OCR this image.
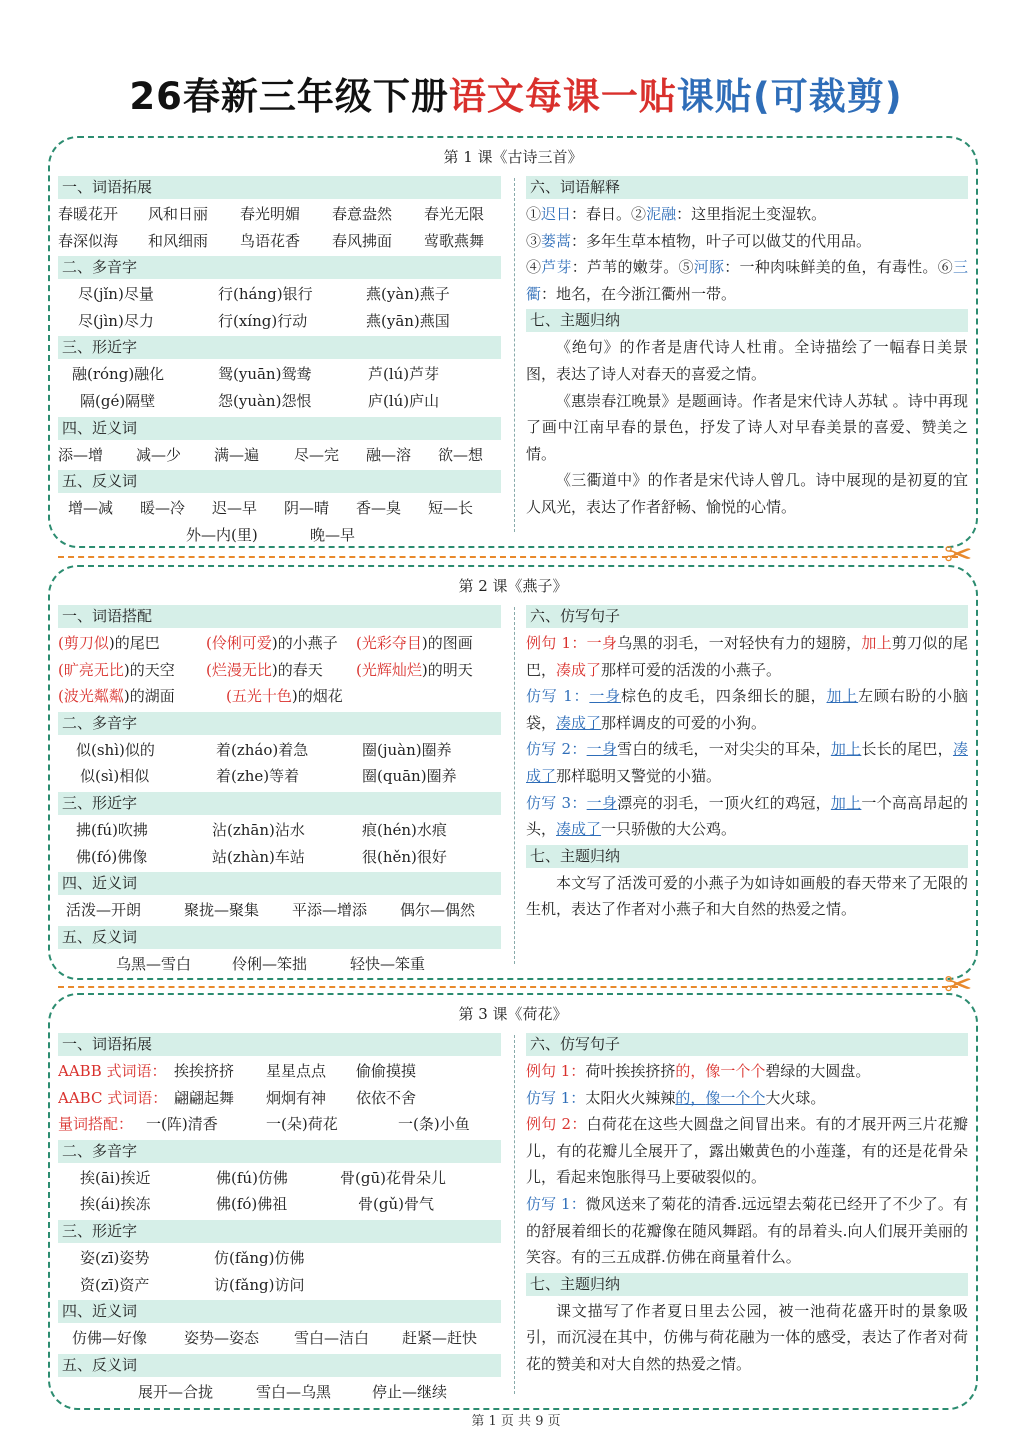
26春新三年级下册语文每课一贴课贴(可裁剪)
第 1 课《古诗三首》
一、词语拓展
春暖花开	风和日丽	春光明媚	春意盎然	春光无限
春深似海	和风细雨	鸟语花香	春风拂面	莺歌燕舞
二、多音字
尽(jǐn)尽量	行(háng)银行	燕(yàn)燕子
尽(jìn)尽力	行(xíng)行动	燕(yān)燕国
三、形近字
融(róng)融化	鸳(yuān)鸳鸯	芦(lú)芦芽
隔(gé)隔壁	怨(yuàn)怨恨	庐(lú)庐山
四、近义词
添—增	减—少	满—遍	尽—完	融—溶	欲—想
五、反义词
增—减	暖—冷	迟—早	阴—晴	香—臭	短—长
外—内(里)	晚—早
六、词语解释
①迟日：春日。②泥融：这里指泥土变湿软。
③蒌蒿：多年生草本植物，叶子可以做艾的代用品。
④芦芽：芦苇的嫩芽。⑤河豚：一种肉味鲜美的鱼，有毒性。⑥三衢：地名，在今浙江衢州一带。
七、主题归纳
《绝句》的作者是唐代诗人杜甫。全诗描绘了一幅春日美景图，表达了诗人对春天的喜爱之情。
《惠崇春江晚景》是题画诗。作者是宋代诗人苏轼 。诗中再现了画中江南早春的景色，抒发了诗人对早春美景的喜爱、赞美之情。
《三衢道中》的作者是宋代诗人曾几。诗中展现的是初夏的宜人风光，表达了作者舒畅、愉悦的心情。
✂
第 2 课《燕子》
一、词语搭配
(剪刀似)的尾巴	(伶俐可爱)的小燕子	(光彩夺目)的图画
(旷亮无比)的天空	(烂漫无比)的春天	(光辉灿烂)的明天
(波光粼粼)的湖面	(五光十色)的烟花
二、多音字
似(shì)似的	着(zháo)着急	圈(juàn)圈养
似(sì)相似	着(zhe)等着	圈(quān)圈养
三、形近字
拂(fú)吹拂	沾(zhān)沾水	痕(hén)水痕
佛(fó)佛像	站(zhàn)车站	很(hěn)很好
四、近义词
活泼—开朗	聚拢—聚集	平添—增添	偶尔—偶然
五、反义词
乌黑—雪白	伶俐—笨拙	轻快—笨重
六、仿写句子
例句 1：一身乌黑的羽毛，一对轻快有力的翅膀，加上剪刀似的尾巴，凑成了那样可爱的活泼的小燕子。
仿写 1：一身棕色的皮毛，四条细长的腿，加上左顾右盼的小脑袋，凑成了那样调皮的可爱的小狗。
仿写 2：一身雪白的绒毛，一对尖尖的耳朵，加上长长的尾巴，凑成了那样聪明又警觉的小猫。
仿写 3：一身漂亮的羽毛，一顶火红的鸡冠，加上一个高高昂起的头，凑成了一只骄傲的大公鸡。
七、主题归纳
本文写了活泼可爱的小燕子为如诗如画般的春天带来了无限的生机，表达了作者对小燕子和大自然的热爱之情。
✂
第 3 课《荷花》
一、词语拓展
AABB 式词语： 挨挨挤挤	星星点点	偷偷摸摸
AABC 式词语： 翩翩起舞	炯炯有神	依依不舍
量词搭配： 一(阵)清香	一(朵)荷花	一(条)小鱼
二、多音字
挨(āi)挨近	佛(fú)仿佛	骨(gū)花骨朵儿
挨(ái)挨冻	佛(fó)佛祖	骨(gǔ)骨气
三、形近字
姿(zī)姿势	仿(fǎng)仿佛
资(zī)资产	访(fǎng)访问
四、近义词
仿佛—好像	姿势—姿态	雪白—洁白	赶紧—赶快
五、反义词
展开—合拢	雪白—乌黑	停止—继续
六、仿写句子
例句 1：荷叶挨挨挤挤的，像一个个碧绿的大圆盘。
仿写 1：太阳火火辣辣的，像一个个大火球。
例句 2：白荷花在这些大圆盘之间冒出来。有的才展开两三片花瓣儿，有的花瓣儿全展开了，露出嫩黄色的小莲蓬，有的还是花骨朵儿，看起来饱胀得马上要破裂似的。
仿写 1：微风送来了菊花的清香.远远望去菊花已经开了不少了。有的舒展着细长的花瓣像在随风舞蹈。有的昂着头.向人们展开美丽的笑容。有的三五成群.仿佛在商量着什么。
七、主题归纳
课文描写了作者夏日里去公园，被一池荷花盛开时的景象吸引，而沉浸在其中，仿佛与荷花融为一体的感受，表达了作者对荷花的赞美和对大自然的热爱之情。
第 1 页 共 9 页
